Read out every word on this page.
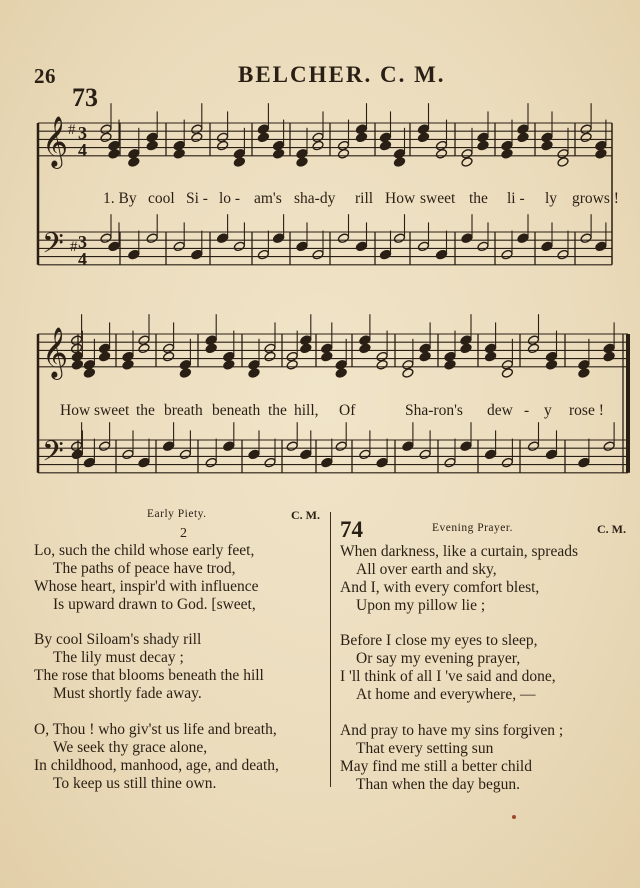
26	BELCHER. C. M.
73
𝄞
𝄢
#
#
3
4
3
4
𝄞
𝄢
1. By cool Si - lo - am's sha-dy rill How sweet the li - ly grows !
How sweet the breath beneath the hill, Of	Sha-ron's dew - y rose !
Early Piety.	C. M.
2
Lo, such the child whose early feet,
The paths of peace have trod,
Whose heart, inspir'd with influence
Is upward drawn to God. [sweet,
By cool Siloam's shady rill
The lily must decay ;
The rose that blooms beneath the hill
Must shortly fade away.
O, Thou ! who giv'st us life and breath,
We seek thy grace alone,
In childhood, manhood, age, and death,
To keep us still thine own.
74	Evening Prayer.	C. M.
When darkness, like a curtain, spreads
All over earth and sky,
And I, with every comfort blest,
Upon my pillow lie ;
Before I close my eyes to sleep,
Or say my evening prayer,
I 'll think of all I 've said and done,
At home and everywhere, —
And pray to have my sins forgiven ;
That every setting sun
May find me still a better child
Than when the day begun.
